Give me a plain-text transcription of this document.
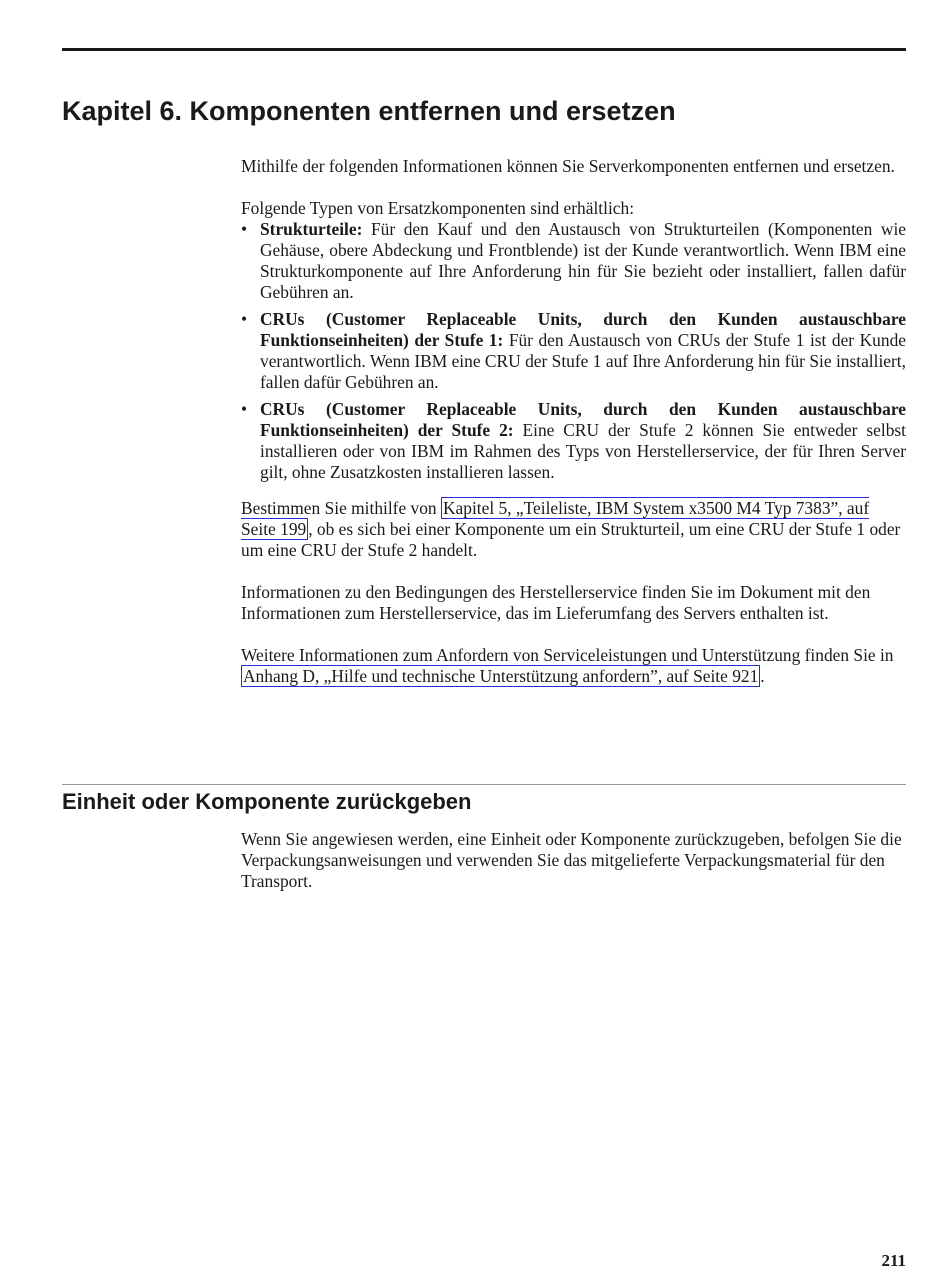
Kapitel 6. Komponenten entfernen und ersetzen

Mithilfe der folgenden Informationen können Sie Serverkomponenten entfernen und ersetzen.

Folgende Typen von Ersatzkomponenten sind erhältlich:

• Strukturteile: Für den Kauf und den Austausch von Strukturteilen (Komponenten wie Gehäuse, obere Abdeckung und Frontblende) ist der Kunde verantwortlich. Wenn IBM eine Strukturkomponente auf Ihre Anforderung hin für Sie bezieht oder installiert, fallen dafür Gebühren an.
• CRUs (Customer Replaceable Units, durch den Kunden austauschbare Funktionseinheiten) der Stufe 1: Für den Austausch von CRUs der Stufe 1 ist der Kunde verantwortlich. Wenn IBM eine CRU der Stufe 1 auf Ihre Anforderung hin für Sie installiert, fallen dafür Gebühren an.
• CRUs (Customer Replaceable Units, durch den Kunden austauschbare Funktionseinheiten) der Stufe 2: Eine CRU der Stufe 2 können Sie entweder selbst installieren oder von IBM im Rahmen des Typs von Herstellerservice, der für Ihren Server gilt, ohne Zusatzkosten installieren lassen.

Bestimmen Sie mithilfe von Kapitel 5, „Teileliste, IBM System x3500 M4 Typ 7383”, auf Seite 199 , ob es sich bei einer Komponente um ein Strukturteil, um eine CRU der Stufe 1 oder um eine CRU der Stufe 2 handelt.

Informationen zu den Bedingungen des Herstellerservice finden Sie im Dokument mit den Informationen zum Herstellerservice, das im Lieferumfang des Servers enthalten ist.

Weitere Informationen zum Anfordern von Serviceleistungen und Unterstützung finden Sie in Anhang D, „Hilfe und technische Unterstützung anfordern”, auf Seite 921 .

Einheit oder Komponente zurückgeben

Wenn Sie angewiesen werden, eine Einheit oder Komponente zurückzugeben, befolgen Sie die Verpackungsanweisungen und verwenden Sie das mitgelieferte Verpackungsmaterial für den Transport.

211
